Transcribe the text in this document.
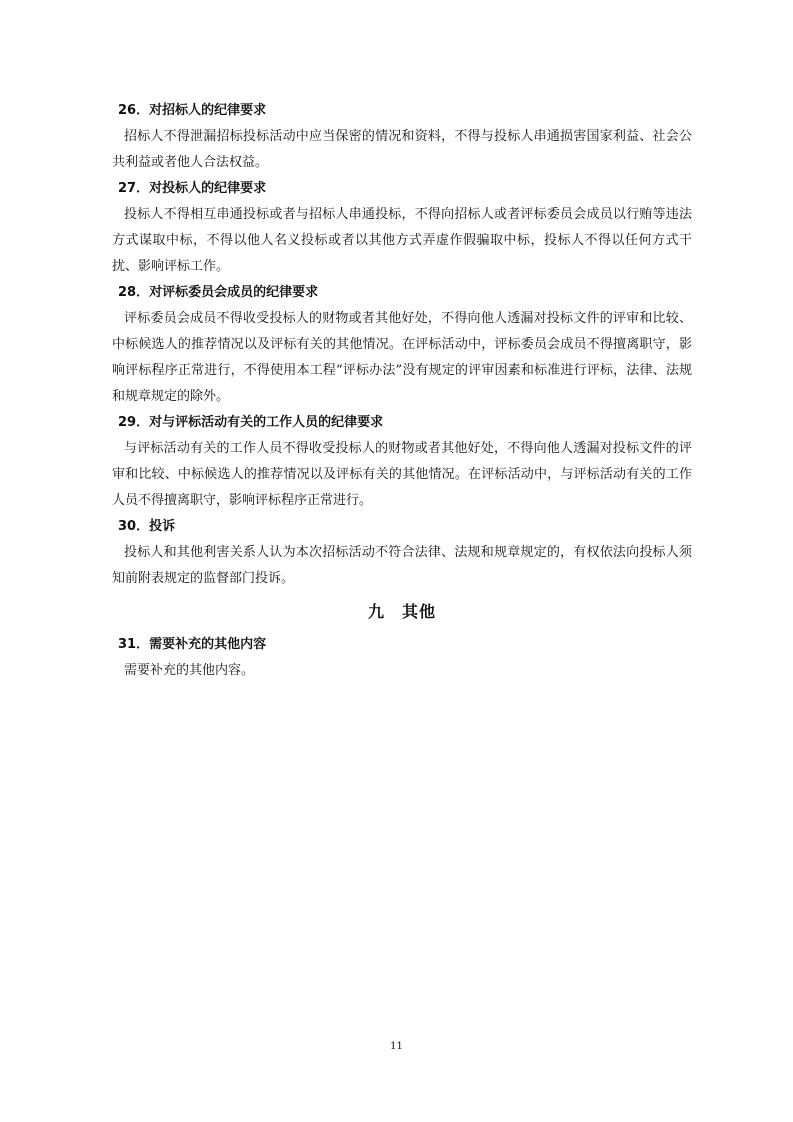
26．对招标人的纪律要求

招标人不得泄漏招标投标活动中应当保密的情况和资料，不得与投标人串通损害国家利益、社会公共利益或者他人合法权益。

27．对投标人的纪律要求

投标人不得相互串通投标或者与招标人串通投标，不得向招标人或者评标委员会成员以行贿等违法方式谋取中标，不得以他人名义投标或者以其他方式弄虚作假骗取中标，投标人不得以任何方式干扰、影响评标工作。

28．对评标委员会成员的纪律要求

评标委员会成员不得收受投标人的财物或者其他好处，不得向他人透漏对投标文件的评审和比较、中标候选人的推荐情况以及评标有关的其他情况。在评标活动中，评标委员会成员不得擅离职守，影响评标程序正常进行，不得使用本工程“评标办法”没有规定的评审因素和标准进行评标，法律、法规和规章规定的除外。

29．对与评标活动有关的工作人员的纪律要求

与评标活动有关的工作人员不得收受投标人的财物或者其他好处，不得向他人透漏对投标文件的评审和比较、中标候选人的推荐情况以及评标有关的其他情况。在评标活动中，与评标活动有关的工作人员不得擅离职守，影响评标程序正常进行。

30．投诉

投标人和其他利害关系人认为本次招标活动不符合法律、法规和规章规定的，有权依法向投标人须知前附表规定的监督部门投诉。

九　其他

31．需要补充的其他内容

需要补充的其他内容。

11
